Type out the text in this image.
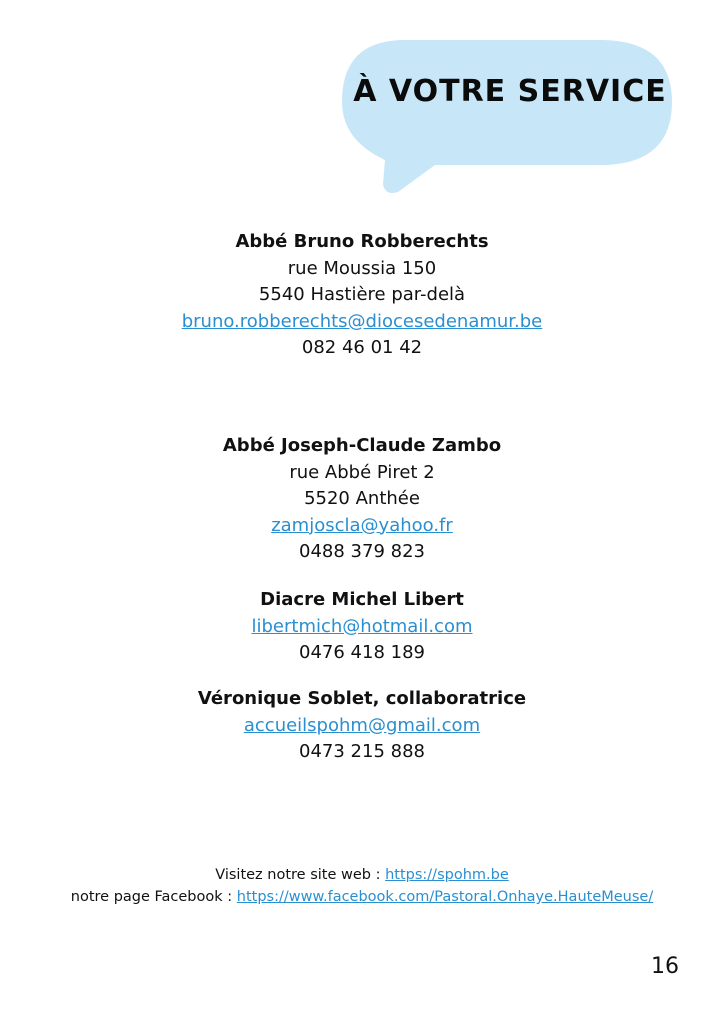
À VOTRE SERVICE
Abbé Bruno Robberechts
rue Moussia 150
5540 Hastière par-delà
bruno.robberechts@diocesedenamur.be
082 46 01 42
Abbé Joseph-Claude Zambo
rue Abbé Piret 2
5520 Anthée
zamjoscla@yahoo.fr
0488 379 823
Diacre Michel Libert
libertmich@hotmail.com
0476 418 189
Véronique Soblet, collaboratrice
accueilspohm@gmail.com
0473 215 888
Visitez notre site web : https://spohm.be
notre page Facebook : https://www.facebook.com/Pastoral.Onhaye.HauteMeuse/
16
